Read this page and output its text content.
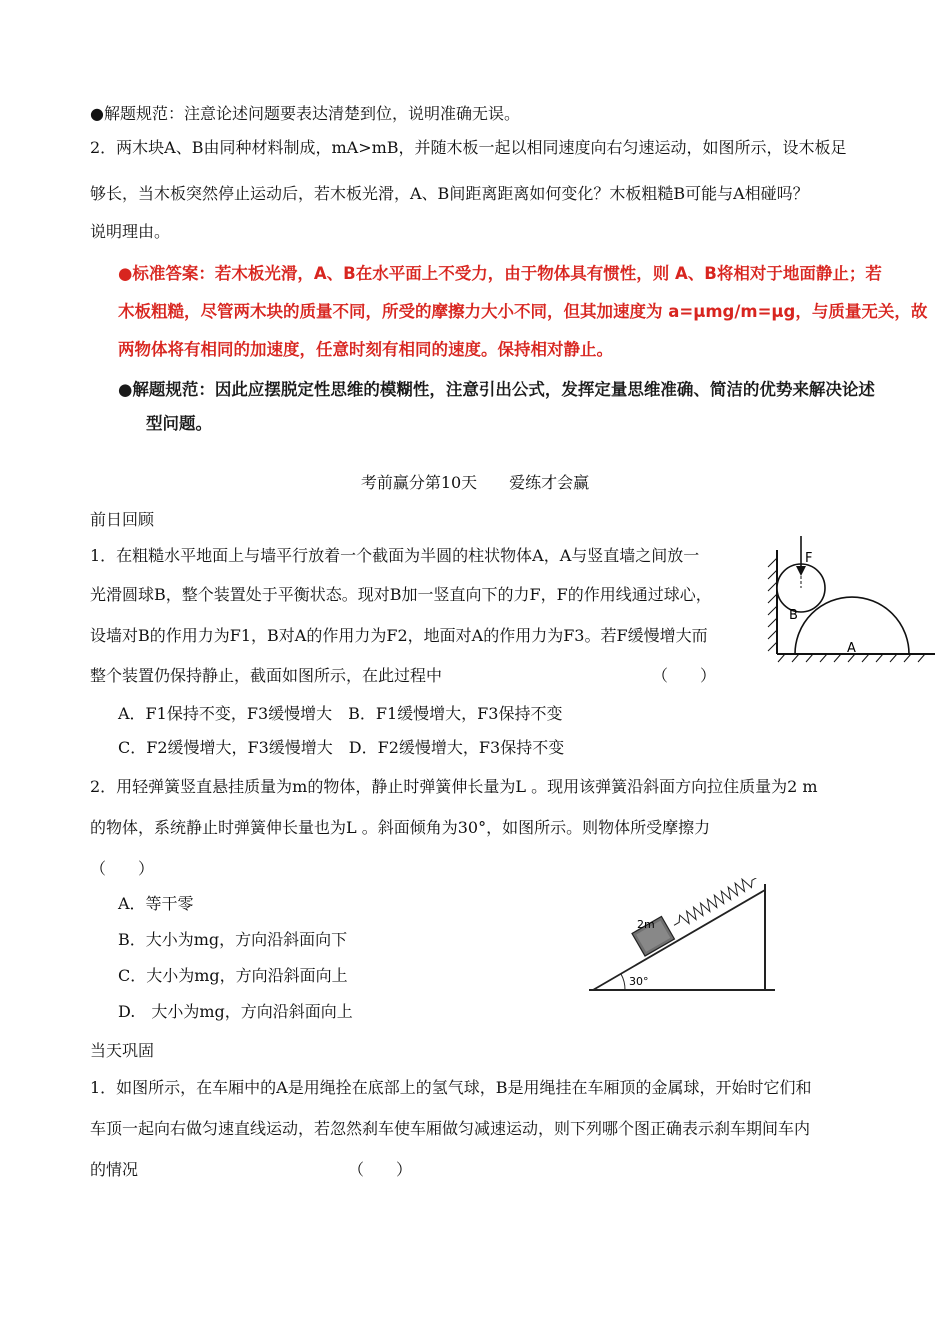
●解题规范：注意论述问题要表达清楚到位，说明准确无误。
2．两木块A、B由同种材料制成，mA>mB，并随木板一起以相同速度向右匀速运动，如图所示，设木板足
够长，当木板突然停止运动后，若木板光滑，A、B间距离距离如何变化？木板粗糙B可能与A相碰吗？
说明理由。
●标准答案：若木板光滑，A、B在水平面上不受力，由于物体具有惯性，则 A、B将相对于地面静止；若
木板粗糙，尽管两木块的质量不同，所受的摩擦力大小不同，但其加速度为 a=μmg/m=μg，与质量无关，故
两物体将有相同的加速度，任意时刻有相同的速度。保持相对静止。
●解题规范：因此应摆脱定性思维的模糊性，注意引出公式，发挥定量思维准确、简洁的优势来解决论述
型问题。
考前赢分第10天　　爱练才会赢
前日回顾
1．在粗糙水平地面上与墙平行放着一个截面为半圆的柱状物体A，A与竖直墙之间放一
光滑圆球B，整个装置处于平衡状态。现对B加一竖直向下的力F，F的作用线通过球心，
设墙对B的作用力为F1，B对A的作用力为F2，地面对A的作用力为F3。若F缓慢增大而
整个装置仍保持静止，截面如图所示，在此过程中	（　　）
A．F1保持不变，F3缓慢增大　B．F1缓慢增大，F3保持不变
C．F2缓慢增大，F3缓慢增大　D．F2缓慢增大，F3保持不变
F
B
A
2．用轻弹簧竖直悬挂质量为m的物体，静止时弹簧伸长量为L 。现用该弹簧沿斜面方向拉住质量为2 m
的物体，系统静止时弹簧伸长量也为L 。斜面倾角为30°，如图所示。则物体所受摩擦力
（　　）
A．等干零
B．大小为mg，方向沿斜面向下
C．大小为mg，方向沿斜面向上
D.　大小为mg，方向沿斜面向上
30°
2m
当天巩固
1．如图所示，在车厢中的A是用绳拴在底部上的氢气球，B是用绳挂在车厢顶的金属球，开始时它们和
车顶一起向右做匀速直线运动，若忽然刹车使车厢做匀减速运动，则下列哪个图正确表示刹车期间车内
的情况	（　　）
